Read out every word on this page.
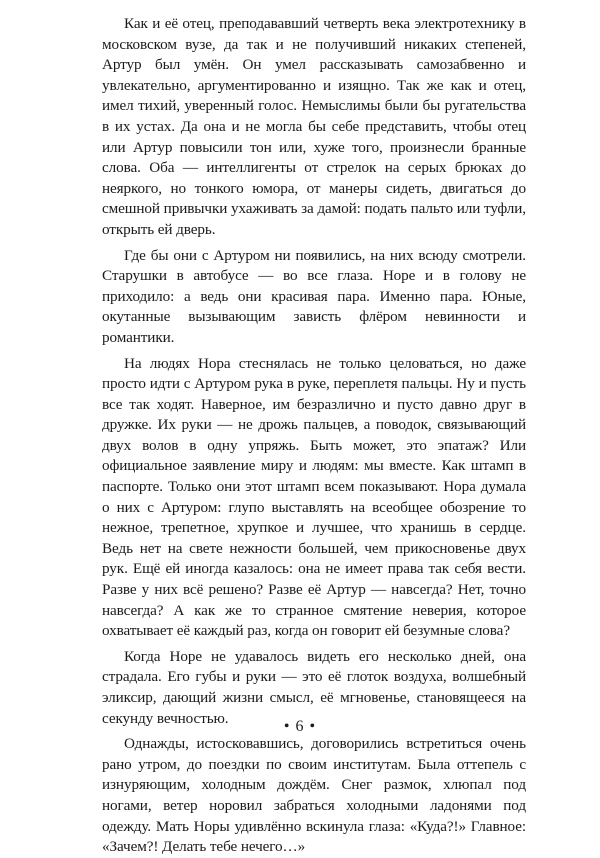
Как и её отец, преподававший четверть века электротехнику в московском вузе, да так и не получивший никаких степеней, Артур был умён. Он умел рассказывать самозабвенно и увлекательно, аргументированно и изящно. Так же как и отец, имел тихий, уверенный голос. Немыслимы были бы ругательства в их устах. Да она и не могла бы себе представить, чтобы отец или Артур повысили тон или, хуже того, произнесли бранные слова. Оба — интеллигенты от стрелок на серых брюках до неяркого, но тонкого юмора, от манеры сидеть, двигаться до смешной привычки ухаживать за дамой: подать пальто или туфли, открыть ей дверь.

Где бы они с Артуром ни появились, на них всюду смотрели. Старушки в автобусе — во все глаза. Норе и в голову не приходило: а ведь они красивая пара. Именно пара. Юные, окутанные вызывающим зависть флёром невинности и романтики.

На людях Нора стеснялась не только целоваться, но даже просто идти с Артуром рука в руке, переплетя пальцы. Ну и пусть все так ходят. Наверное, им безразлично и пусто давно друг в дружке. Их руки — не дрожь пальцев, а поводок, связывающий двух волов в одну упряжь. Быть может, это эпатаж? Или официальное заявление миру и людям: мы вместе. Как штамп в паспорте. Только они этот штамп всем показывают. Нора думала о них с Артуром: глупо выставлять на всеобщее обозрение то нежное, трепетное, хрупкое и лучшее, что хранишь в сердце. Ведь нет на свете нежности большей, чем прикосновенье двух рук. Ещё ей иногда казалось: она не имеет права так себя вести. Разве у них всё решено? Разве её Артур — навсегда? Нет, точно навсегда? А как же то странное смятение неверия, которое охватывает её каждый раз, когда он говорит ей безумные слова?

Когда Норе не удавалось видеть его несколько дней, она страдала. Его губы и руки — это её глоток воздуха, волшебный эликсир, дающий жизни смысл, её мгновенье, становящееся на секунду вечностью.

Однажды, истосковавшись, договорились встретиться очень рано утром, до поездки по своим институтам. Была оттепель с изнуряющим, холодным дождём. Снег размок, хлюпал под ногами, ветер норовил забраться холодными ладонями под одежду. Мать Норы удивлённо вскинула глаза: «Куда?!» Главное: «Зачем?! Делать тебе нечего…»

• 6 •
